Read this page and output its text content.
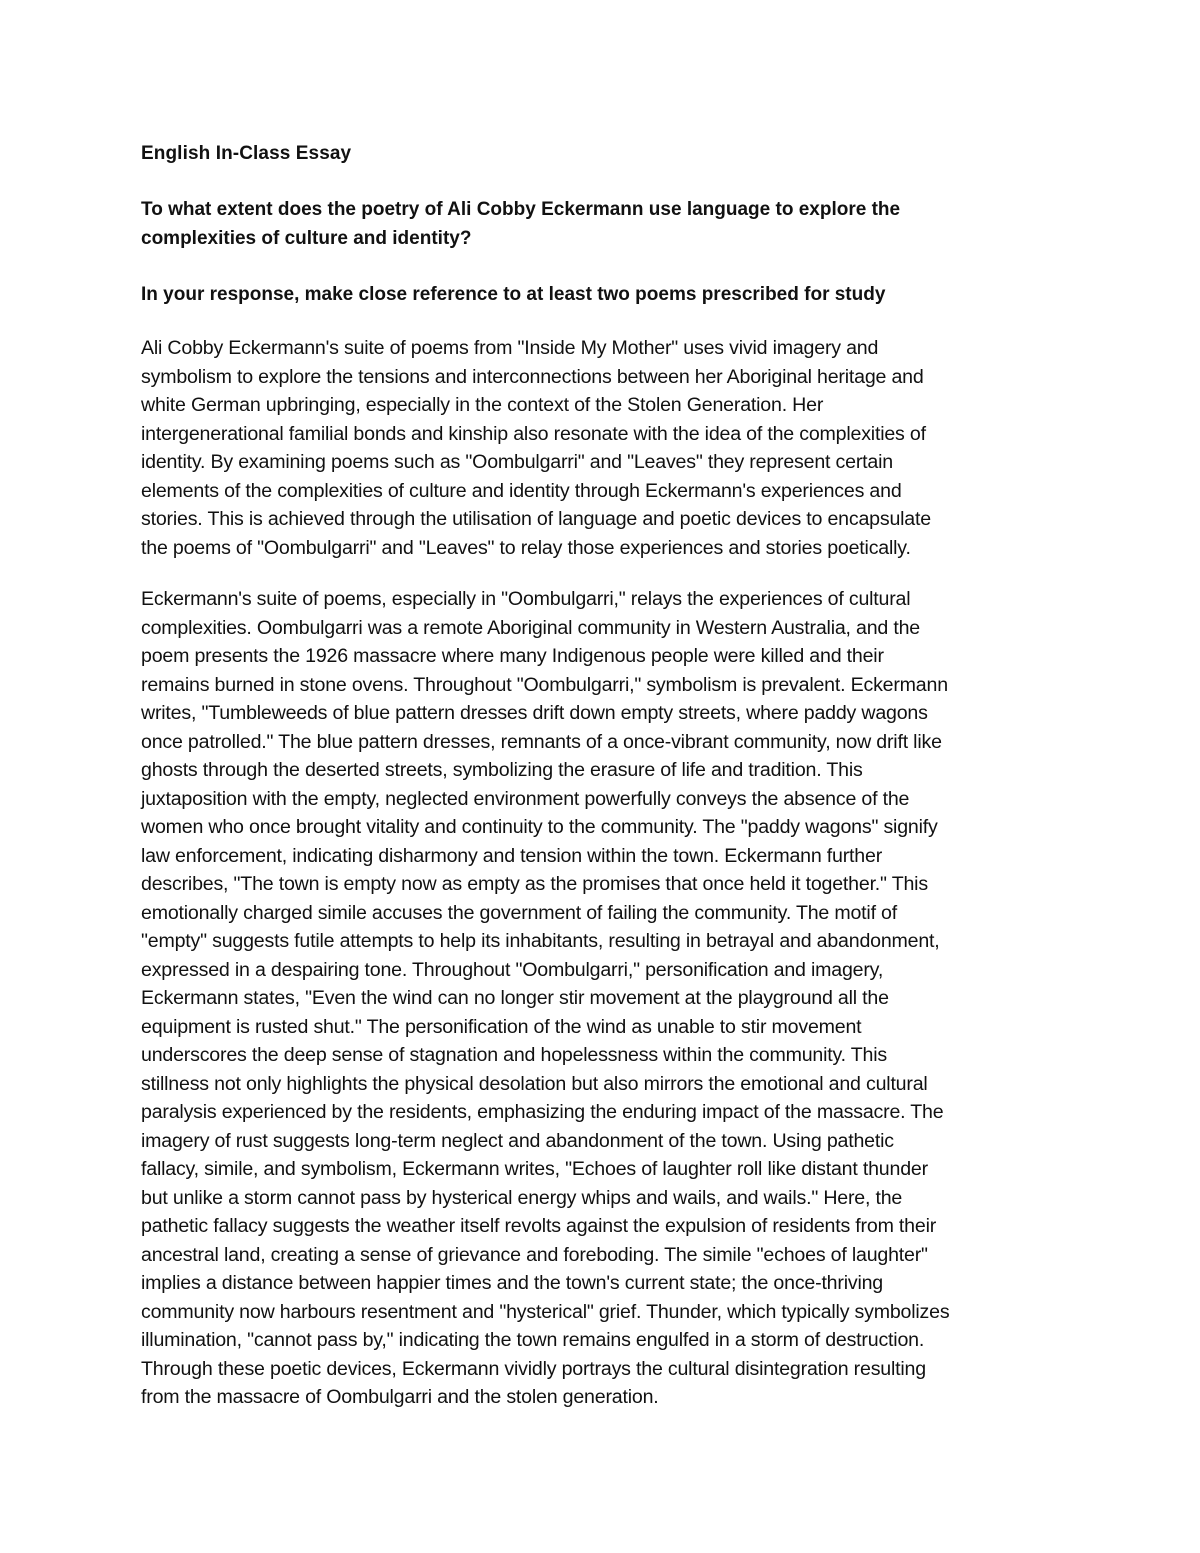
English In-Class Essay
To what extent does the poetry of Ali Cobby Eckermann use language to explore the
complexities of culture and identity?
In your response, make close reference to at least two poems prescribed for study
Ali Cobby Eckermann's suite of poems from "Inside My Mother" uses vivid imagery and
symbolism to explore the tensions and interconnections between her Aboriginal heritage and
white German upbringing, especially in the context of the Stolen Generation. Her
intergenerational familial bonds and kinship also resonate with the idea of the complexities of
identity. By examining poems such as "Oombulgarri" and "Leaves" they represent certain
elements of the complexities of culture and identity through Eckermann's experiences and
stories. This is achieved through the utilisation of language and poetic devices to encapsulate
the poems of "Oombulgarri" and "Leaves" to relay those experiences and stories poetically.
Eckermann's suite of poems, especially in "Oombulgarri," relays the experiences of cultural
complexities. Oombulgarri was a remote Aboriginal community in Western Australia, and the
poem presents the 1926 massacre where many Indigenous people were killed and their
remains burned in stone ovens. Throughout "Oombulgarri," symbolism is prevalent. Eckermann
writes, "Tumbleweeds of blue pattern dresses drift down empty streets, where paddy wagons
once patrolled." The blue pattern dresses, remnants of a once-vibrant community, now drift like
ghosts through the deserted streets, symbolizing the erasure of life and tradition. This
juxtaposition with the empty, neglected environment powerfully conveys the absence of the
women who once brought vitality and continuity to the community. The "paddy wagons" signify
law enforcement, indicating disharmony and tension within the town. Eckermann further
describes, "The town is empty now as empty as the promises that once held it together." This
emotionally charged simile accuses the government of failing the community. The motif of
"empty" suggests futile attempts to help its inhabitants, resulting in betrayal and abandonment,
expressed in a despairing tone. Throughout "Oombulgarri," personification and imagery,
Eckermann states, "Even the wind can no longer stir movement at the playground all the
equipment is rusted shut." The personification of the wind as unable to stir movement
underscores the deep sense of stagnation and hopelessness within the community. This
stillness not only highlights the physical desolation but also mirrors the emotional and cultural
paralysis experienced by the residents, emphasizing the enduring impact of the massacre. The
imagery of rust suggests long-term neglect and abandonment of the town. Using pathetic
fallacy, simile, and symbolism, Eckermann writes, "Echoes of laughter roll like distant thunder
but unlike a storm cannot pass by hysterical energy whips and wails, and wails." Here, the
pathetic fallacy suggests the weather itself revolts against the expulsion of residents from their
ancestral land, creating a sense of grievance and foreboding. The simile "echoes of laughter"
implies a distance between happier times and the town's current state; the once-thriving
community now harbours resentment and "hysterical" grief. Thunder, which typically symbolizes
illumination, "cannot pass by," indicating the town remains engulfed in a storm of destruction.
Through these poetic devices, Eckermann vividly portrays the cultural disintegration resulting
from the massacre of Oombulgarri and the stolen generation.
